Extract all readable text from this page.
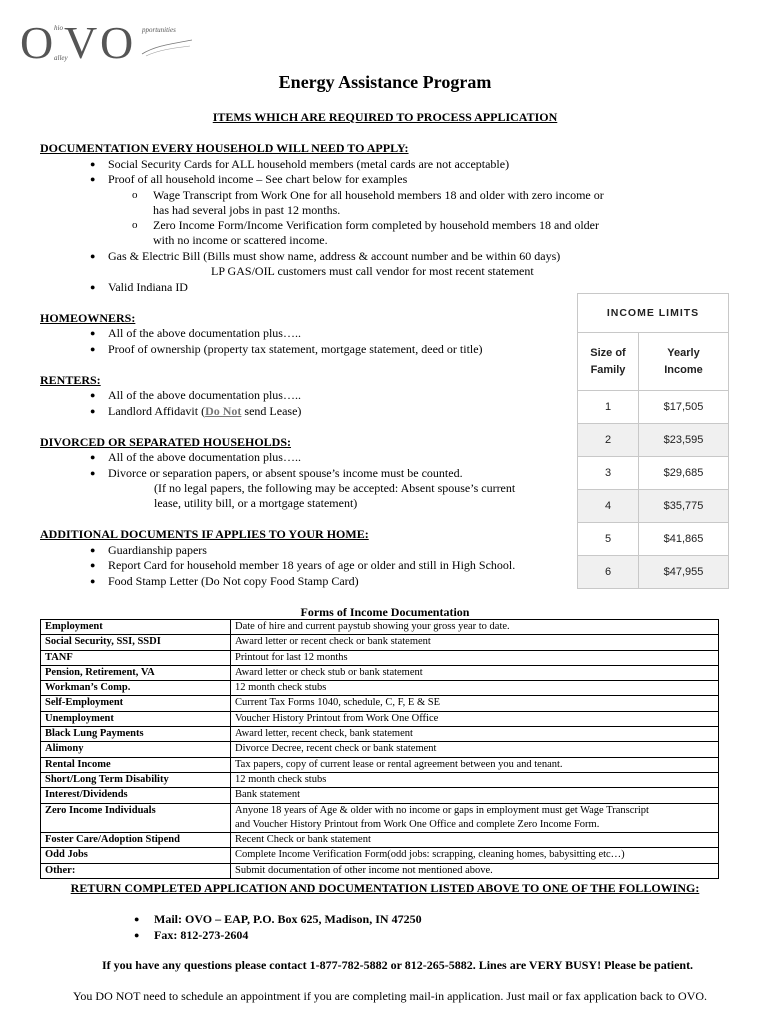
O V O
hio
alley
pportunities
Energy Assistance Program
ITEMS WHICH ARE REQUIRED TO PROCESS APPLICATION
DOCUMENTATION EVERY HOUSEHOLD WILL NEED TO APPLY:
● Social Security Cards for ALL household members (metal cards are not acceptable)
● Proof of all household income – See chart below for examples
o Wage Transcript from Work One for all household members 18 and older with zero income or
has had several jobs in past 12 months.
o Zero Income Form/Income Verification form completed by household members 18 and older
with no income or scattered income.
● Gas & Electric Bill (Bills must show name, address & account number and be within 60 days)
LP GAS/OIL customers must call vendor for most recent statement
● Valid Indiana ID
HOMEOWNERS:
● All of the above documentation plus…..
● Proof of ownership (property tax statement, mortgage statement, deed or title)
RENTERS:
● All of the above documentation plus…..
● Landlord Affidavit (Do Not send Lease)
DIVORCED OR SEPARATED HOUSEHOLDS:
● All of the above documentation plus…..
● Divorce or separation papers, or absent spouse’s income must be counted.
(If no legal papers, the following may be accepted: Absent spouse’s current
lease, utility bill, or a mortgage statement)
ADDITIONAL DOCUMENTS IF APPLIES TO YOUR HOME:
● Guardianship papers
● Report Card for household member 18 years of age or older and still in High School.
● Food Stamp Letter (Do Not copy Food Stamp Card)
INCOME LIMITS	
Size of
Family	Yearly
Income
1	$17,505
2	$23,595
3	$29,685
4	$35,775
5	$41,865
6	$47,955
Forms of Income Documentation
Employment	Date of hire and current paystub showing your gross year to date.
Social Security, SSI, SSDI	Award letter or recent check or bank statement
TANF	Printout for last 12 months
Pension, Retirement, VA	Award letter or check stub or bank statement
Workman’s Comp.	12 month check stubs
Self-Employment	Current Tax Forms 1040, schedule, C, F, E & SE
Unemployment	Voucher History Printout from Work One Office
Black Lung Payments	Award letter, recent check, bank statement
Alimony	Divorce Decree, recent check or bank statement
Rental Income	Tax papers, copy of current lease or rental agreement between you and tenant.
Short/Long Term Disability	12 month check stubs
Interest/Dividends	Bank statement
Zero Income Individuals	Anyone 18 years of Age & older with no income or gaps in employment must get Wage Transcript
and Voucher History Printout from Work One Office and complete Zero Income Form.
Foster Care/Adoption Stipend	Recent Check or bank statement
Odd Jobs	Complete Income Verification Form(odd jobs: scrapping, cleaning homes, babysitting etc…)
Other:	Submit documentation of other income not mentioned above.
RETURN COMPLETED APPLICATION AND DOCUMENTATION LISTED ABOVE TO ONE OF THE FOLLOWING:
● Mail: OVO – EAP, P.O. Box 625, Madison, IN 47250
● Fax: 812-273-2604
If you have any questions please contact 1-877-782-5882 or 812-265-5882. Lines are VERY BUSY! Please be patient.
You DO NOT need to schedule an appointment if you are completing mail-in application. Just mail or fax application back to OVO.
